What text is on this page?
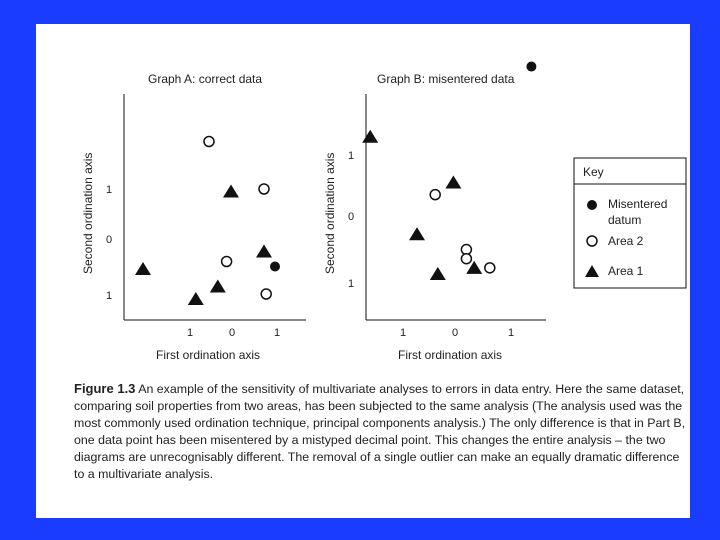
Graph A: correct data
Second ordination axis
First ordination axis
Graph B: misentered data
Second ordination axis
First ordination axis
1
0
1
1	0	1
1
0
1
1	0	1
Key
Misentered datum
Area 2
Area 1
Figure 1.3 An example of the sensitivity of multivariate analyses to errors in data entry. Here the same dataset, comparing soil properties from two areas, has been subjected to the same analysis (The analysis used was the most commonly used ordination technique, principal components analysis.) The only difference is that in Part B, one data point has been misentered by a mistyped decimal point. This changes the entire analysis – the two diagrams are unrecognisably different. The removal of a single outlier can make an equally dramatic difference to a multivariate analysis.
